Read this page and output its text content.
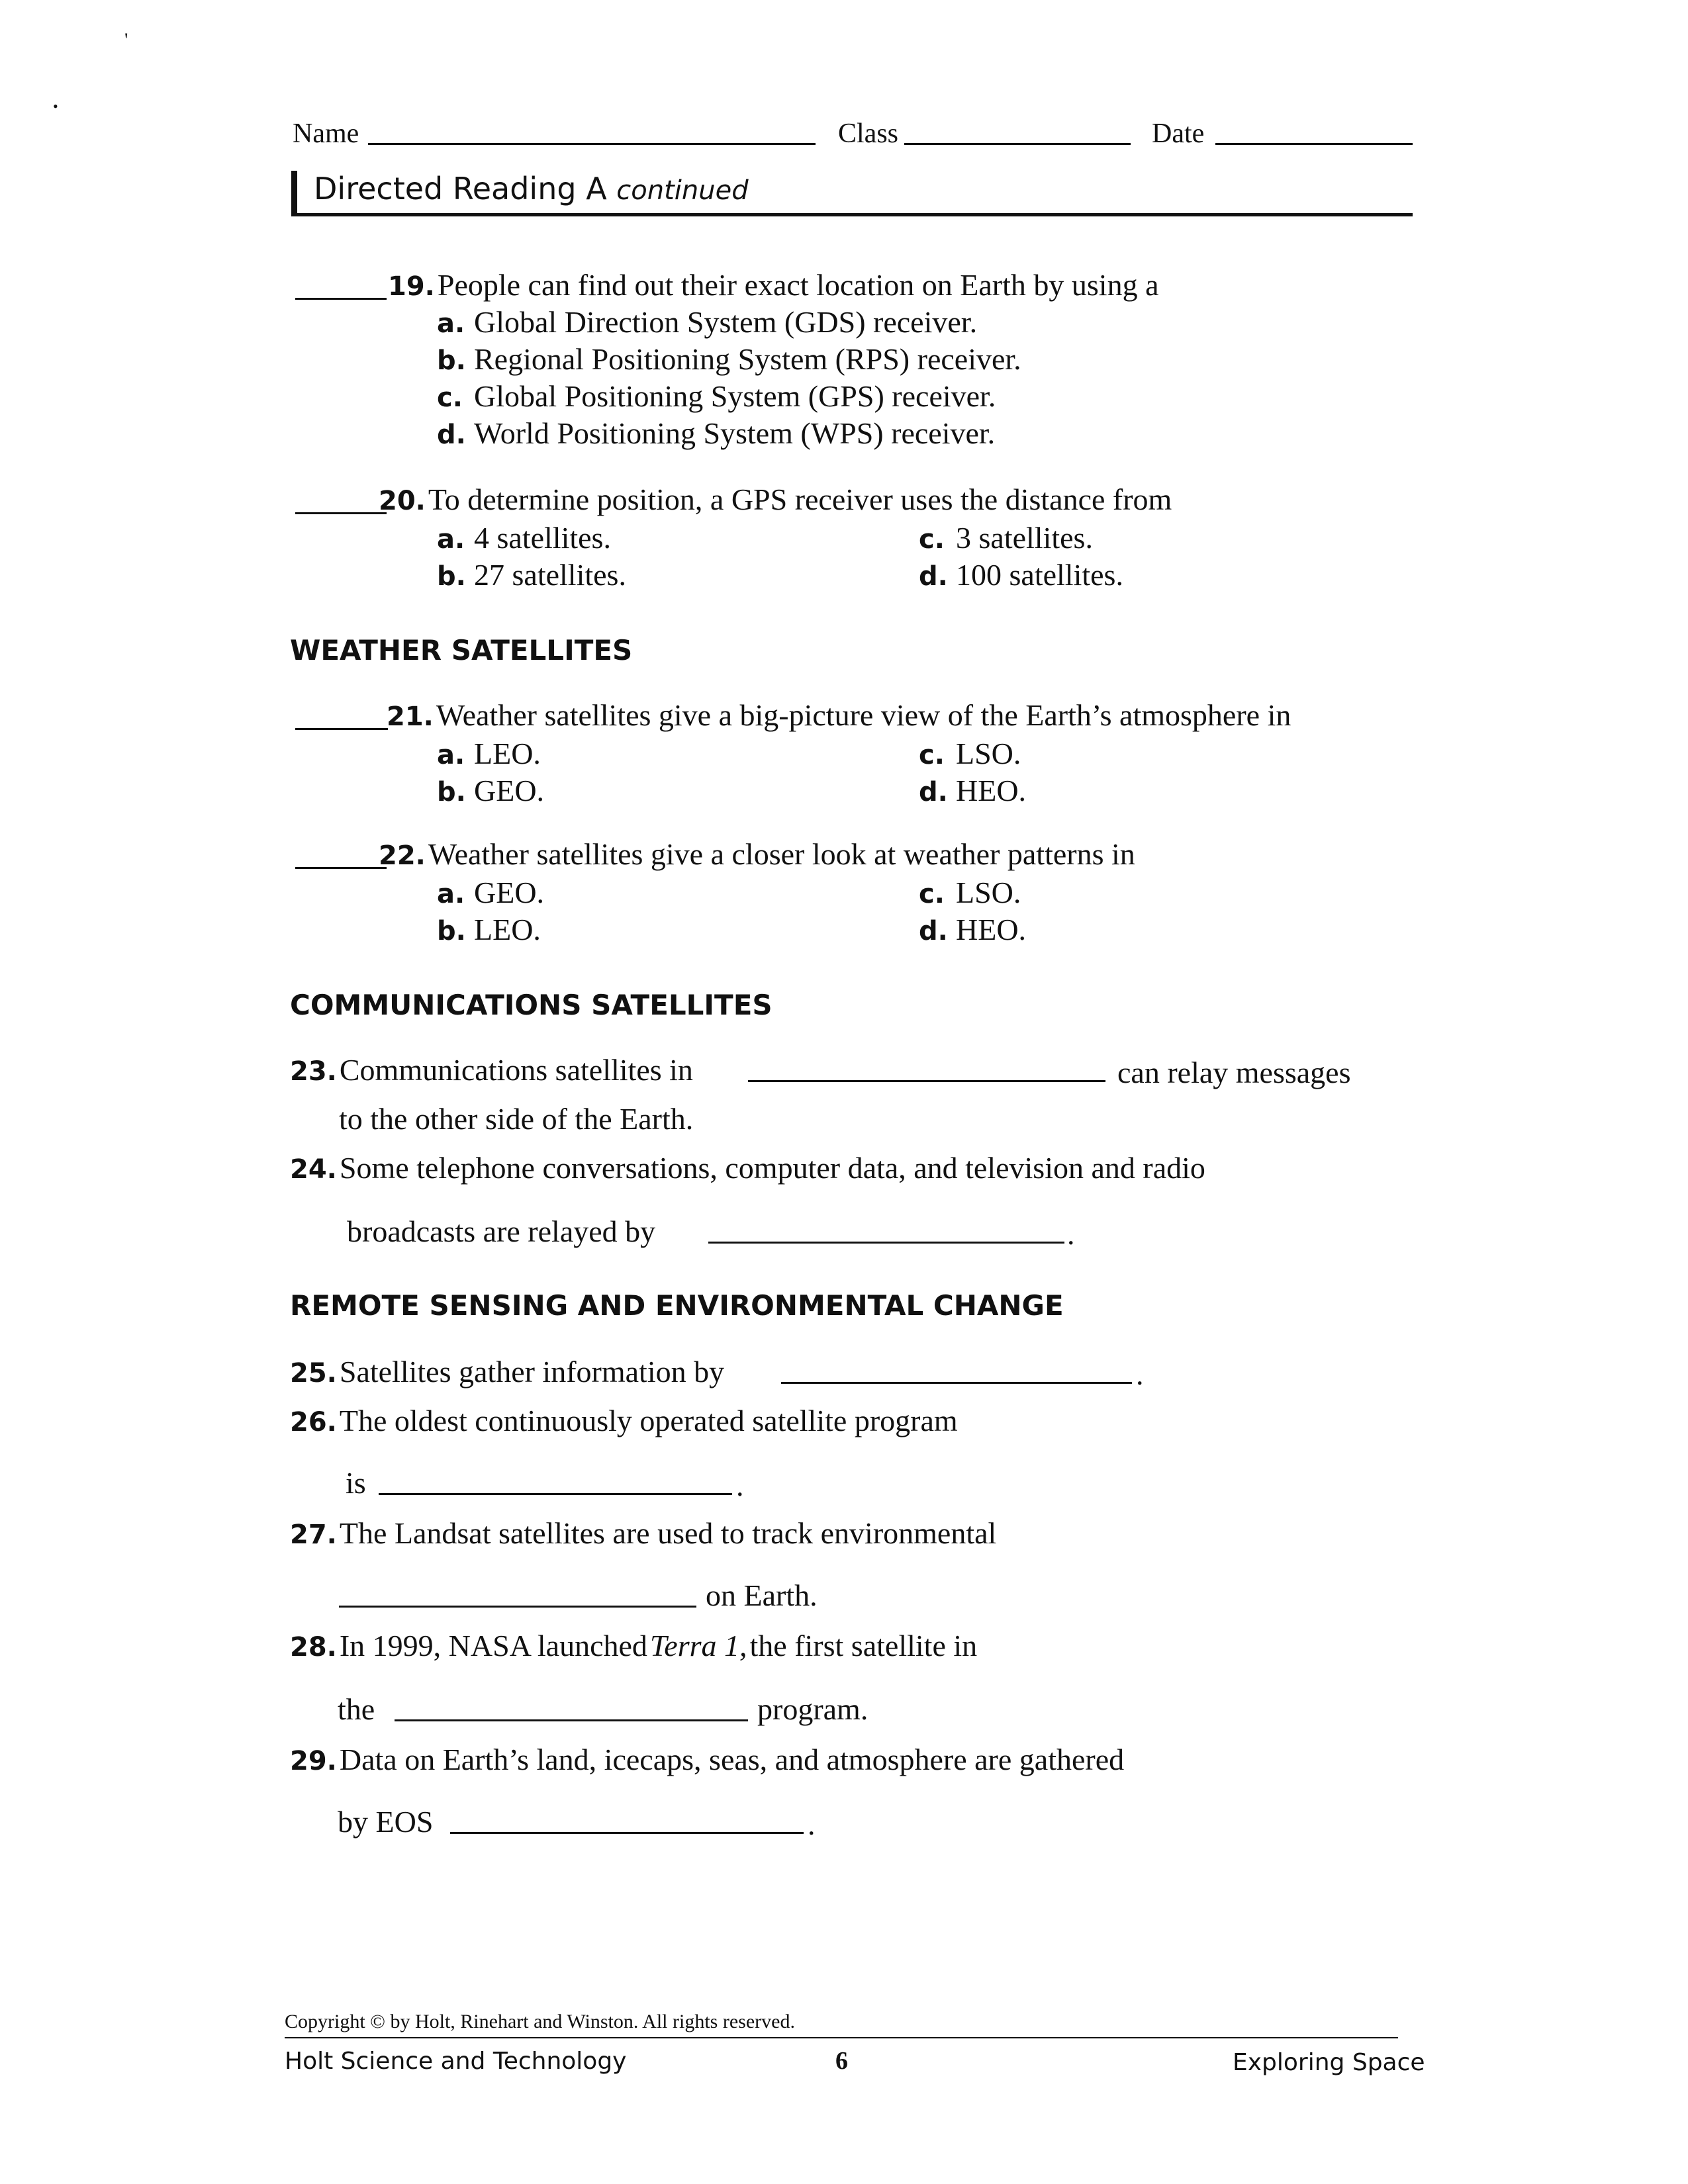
'
•
Name	Class	Date
Directed Reading A continued
19. People can find out their exact location on Earth by using a
a. Global Direction System (GDS) receiver.
b. Regional Positioning System (RPS) receiver.
c. Global Positioning System (GPS) receiver.
d. World Positioning System (WPS) receiver.
20. To determine position, a GPS receiver uses the distance from
a. 4 satellites.
b. 27 satellites.
c. 3 satellites.
d. 100 satellites.
WEATHER SATELLITES
21. Weather satellites give a big-picture view of the Earth’s atmosphere in
a. LEO.
b. GEO.
c. LSO.
d. HEO.
22. Weather satellites give a closer look at weather patterns in
a. GEO.
b. LEO.
c. LSO.
d. HEO.
COMMUNICATIONS SATELLITES
23. Communications satellites in	can relay messages
to the other side of the Earth.
24. Some telephone conversations, computer data, and television and radio
broadcasts are relayed by	.
REMOTE SENSING AND ENVIRONMENTAL CHANGE
25. Satellites gather information by	.
26. The oldest continuously operated satellite program
is	.
27. The Landsat satellites are used to track environmental
on Earth.
28. In 1999, NASA launched Terra 1, the first satellite in
the	program.
29. Data on Earth’s land, icecaps, seas, and atmosphere are gathered
by EOS	.
Copyright © by Holt, Rinehart and Winston. All rights reserved.
Holt Science and Technology	6	Exploring Space
